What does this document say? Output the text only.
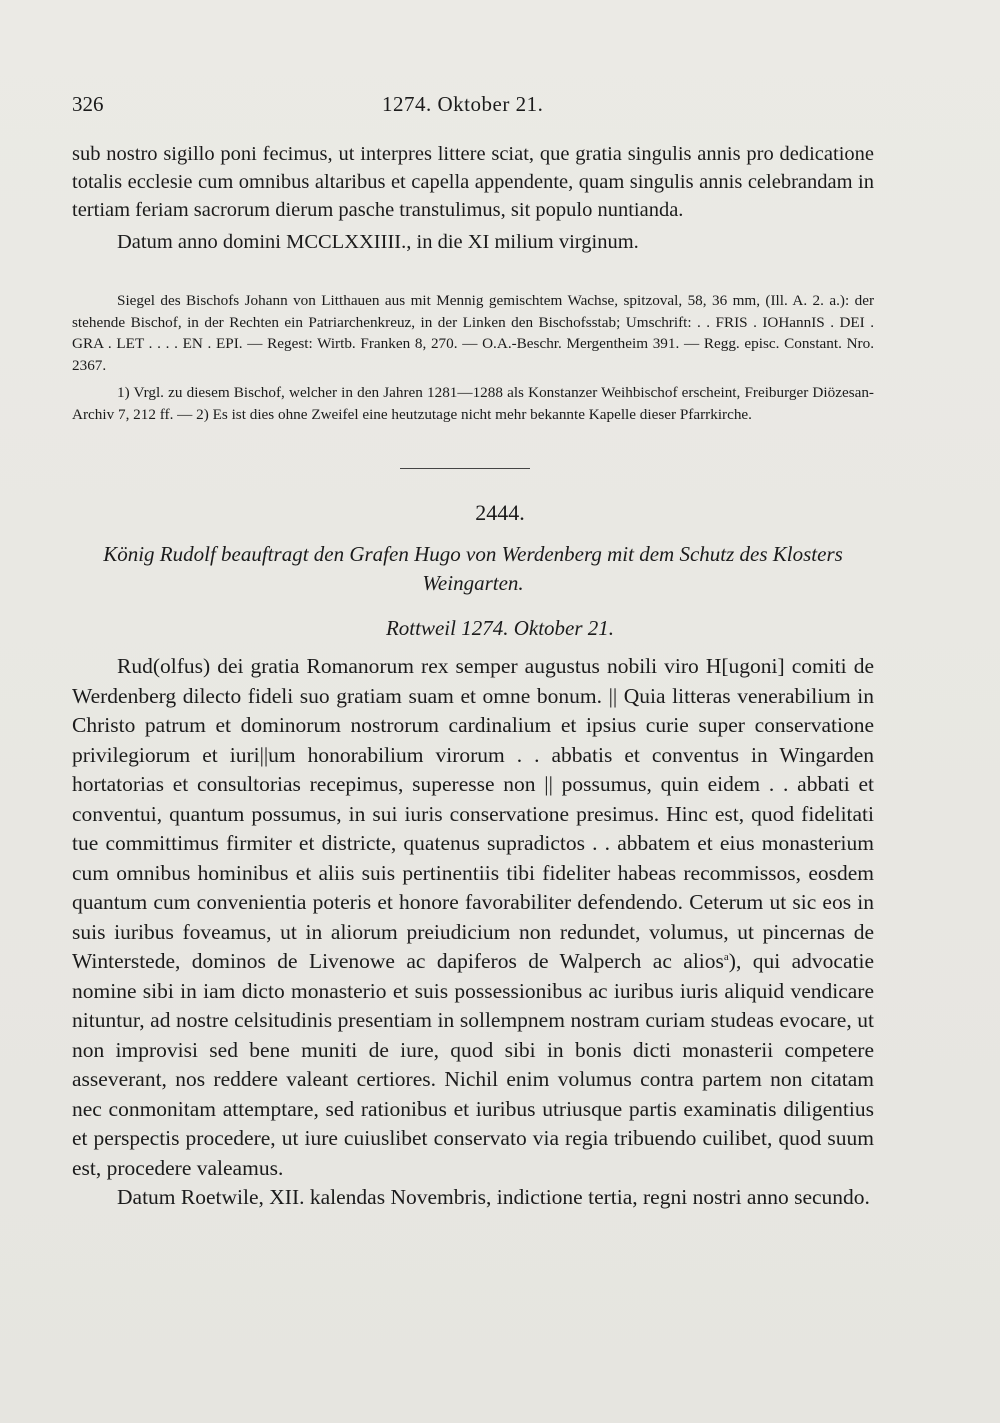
326	1274. Oktober 21.

sub nostro sigillo poni fecimus, ut interpres littere sciat, que gratia singulis annis pro dedicatione totalis ecclesie cum omnibus altaribus et capella appendente, quam singulis annis celebrandam in tertiam feriam sacrorum dierum pasche transtulimus, sit populo nuntianda.

Datum anno domini MCCLXXIIII., in die XI milium virginum.

Siegel des Bischofs Johann von Litthauen aus mit Mennig gemischtem Wachse, spitzoval, 58, 36 mm, (Ill. A. 2. a.): der stehende Bischof, in der Rechten ein Patriarchenkreuz, in der Linken den Bischofsstab; Umschrift: . . FRIS . IOHannIS . DEI . GRA . LET . . . . EN . EPI. — Regest: Wirtb. Franken 8, 270. — O.A.-Beschr. Mergentheim 391. — Regg. episc. Constant. Nro. 2367.

1) Vrgl. zu diesem Bischof, welcher in den Jahren 1281—1288 als Konstanzer Weihbischof erscheint, Freiburger Diözesan-Archiv 7, 212 ff. — 2) Es ist dies ohne Zweifel eine heutzutage nicht mehr bekannte Kapelle dieser Pfarrkirche.

2444.
König Rudolf beauftragt den Grafen Hugo von Werdenberg mit dem Schutz des Klosters Weingarten.
Rottweil 1274. Oktober 21.

Rud(olfus) dei gratia Romanorum rex semper augustus nobili viro H[ugoni] comiti de Werdenberg dilecto fideli suo gratiam suam et omne bonum. || Quia litteras venerabilium in Christo patrum et dominorum nostrorum cardinalium et ipsius curie super conservatione privilegiorum et iuri||um honorabilium virorum . . abbatis et conventus in Wingarden hortatorias et consultorias recepimus, superesse non || possumus, quin eidem . . abbati et conventui, quantum possumus, in sui iuris conservatione presimus. Hinc est, quod fidelitati tue committimus firmiter et districte, quatenus supradictos . . abbatem et eius monasterium cum omnibus hominibus et aliis suis pertinentiis tibi fideliter habeas recommissos, eosdem quantum cum convenientia poteris et honore favorabiliter defendendo. Ceterum ut sic eos in suis iuribus foveamus, ut in aliorum preiudicium non redundet, volumus, ut pincernas de Winterstede, dominos de Livenowe ac dapiferos de Walperch ac alios$^a$), qui advocatie nomine sibi in iam dicto monasterio et suis possessionibus ac iuribus iuris aliquid vendicare nituntur, ad nostre celsitudinis presentiam in sollempnem nostram curiam studeas evocare, ut non improvisi sed bene muniti de iure, quod sibi in bonis dicti monasterii competere asseverant, nos reddere valeant certiores. Nichil enim volumus contra partem non citatam nec conmonitam attemptare, sed rationibus et iuribus utriusque partis examinatis diligentius et perspectis procedere, ut iure cuiuslibet conservato via regia tribuendo cuilibet, quod suum est, procedere valeamus.

Datum Roetwile, XII. kalendas Novembris, indictione tertia, regni nostri anno secundo.
